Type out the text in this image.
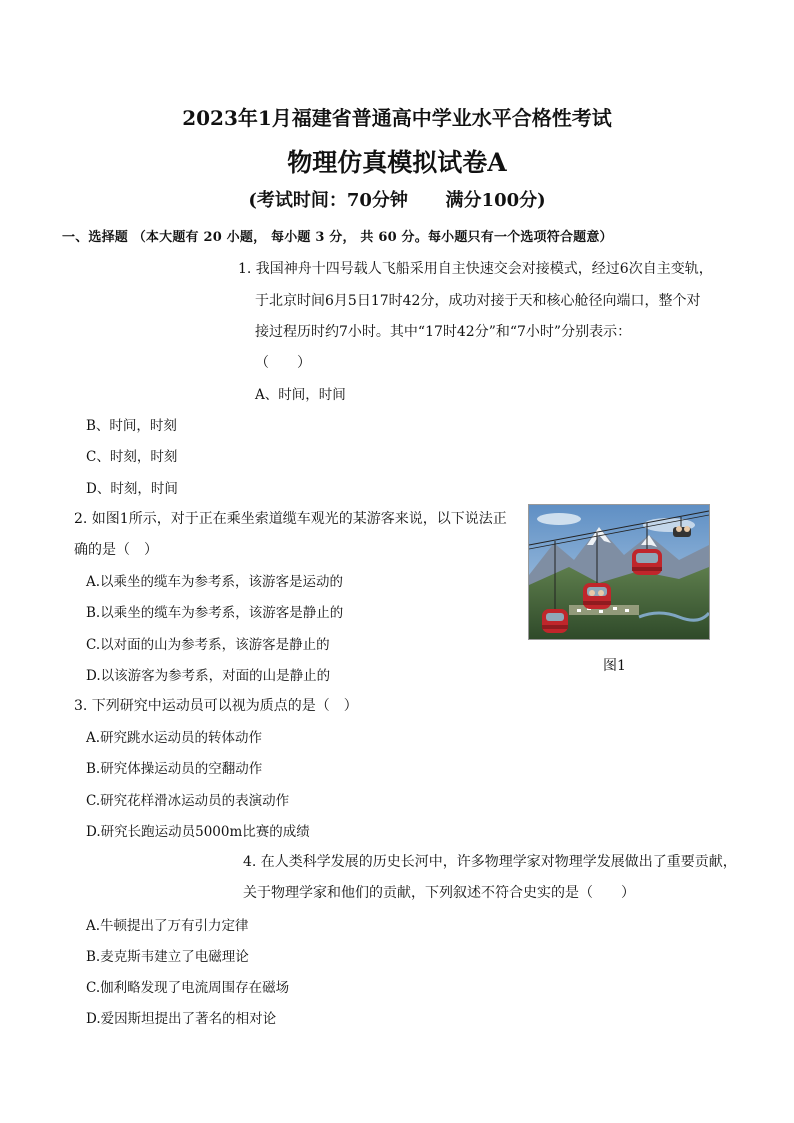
2023年1月福建省普通高中学业水平合格性考试
物理仿真模拟试卷A
(考试时间：70分钟 满分100分)
一、选择题 （本大题有 20 小题， 每小题 3 分， 共 60 分。每小题只有一个选项符合题意）
1. 我国神舟十四号载人飞船采用自主快速交会对接模式，经过6次自主变轨，
于北京时间6月5日17时42分，成功对接于天和核心舱径向端口，整个对
接过程历时约7小时。其中“17时42分”和“7小时”分别表示：
（　　）
A、时间，时间
B、时间，时刻
C、时刻，时刻
D、时刻，时间
2. 如图1所示，对于正在乘坐索道缆车观光的某游客来说，以下说法正
确的是（　）
A.以乘坐的缆车为参考系，该游客是运动的
B.以乘坐的缆车为参考系，该游客是静止的
C.以对面的山为参考系，该游客是静止的
D.以该游客为参考系，对面的山是静止的
图1
3. 下列研究中运动员可以视为质点的是（　）
A.研究跳水运动员的转体动作
B.研究体操运动员的空翻动作
C.研究花样滑冰运动员的表演动作
D.研究长跑运动员5000m比赛的成绩
4. 在人类科学发展的历史长河中，许多物理学家对物理学发展做出了重要贡献，
关于物理学家和他们的贡献，下列叙述不符合史实的是（　　）
A.牛顿提出了万有引力定律
B.麦克斯韦建立了电磁理论
C.伽利略发现了电流周围存在磁场
D.爱因斯坦提出了著名的相对论
